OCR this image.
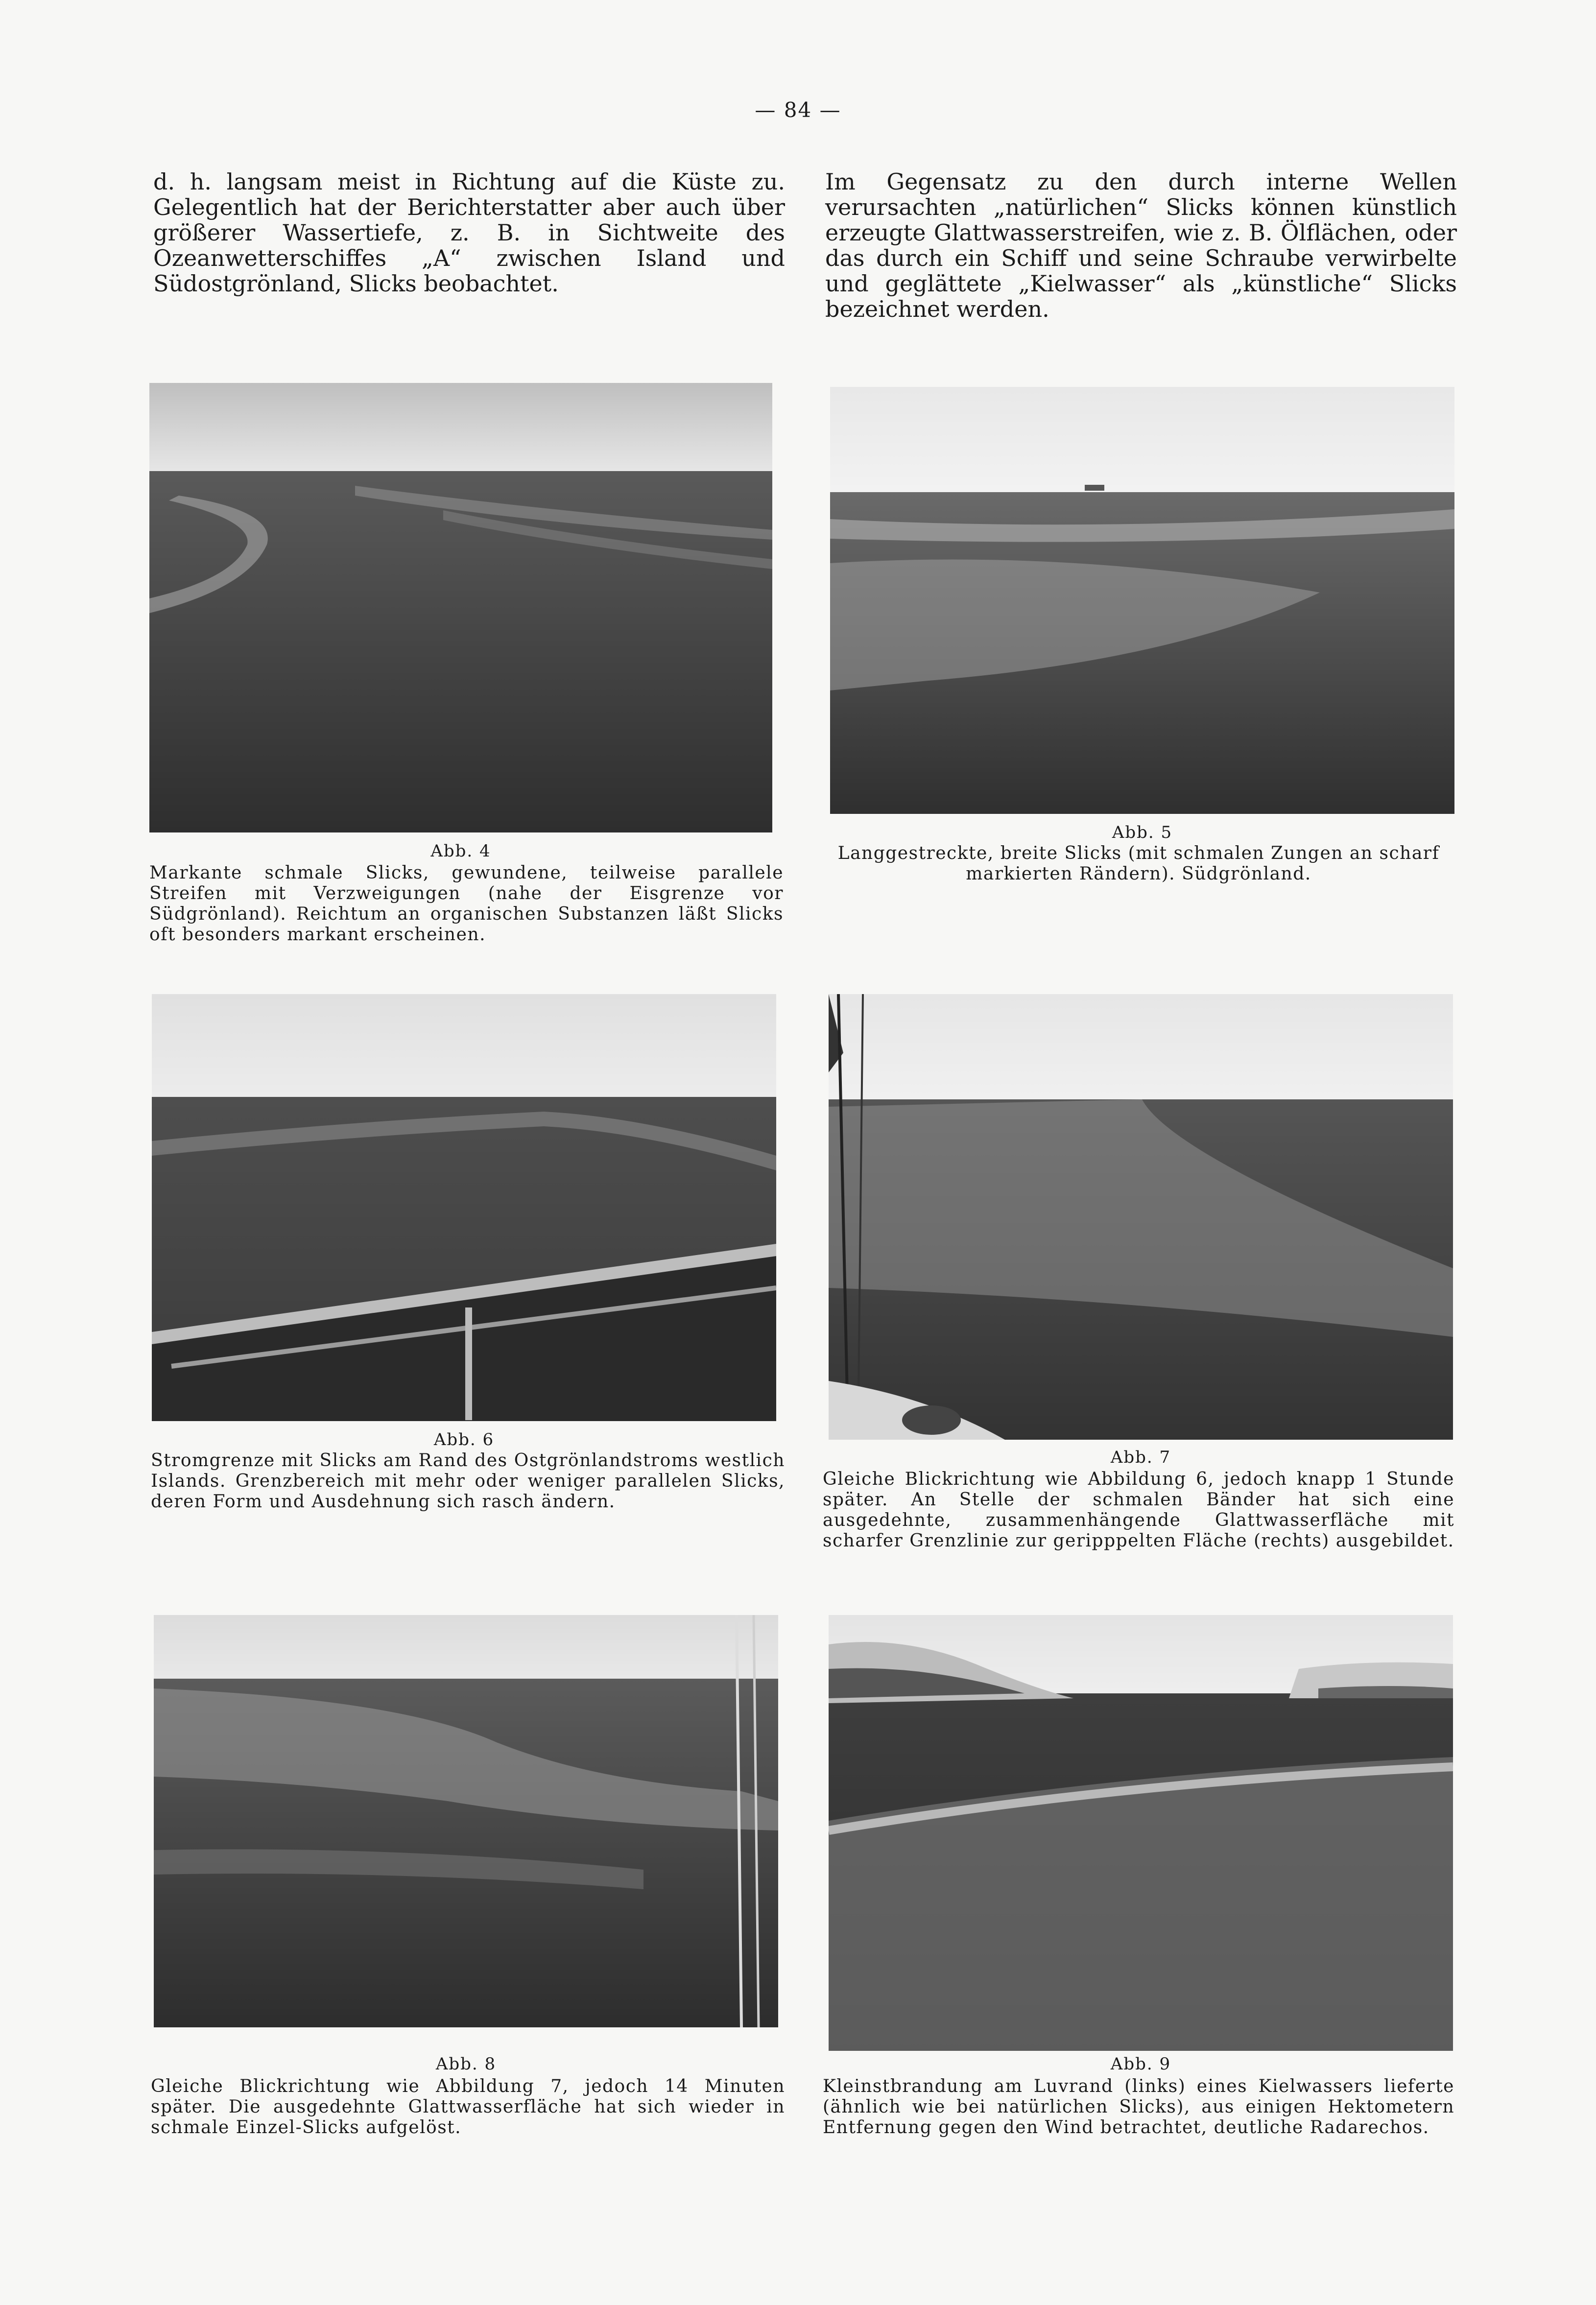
— 84 —
d. h. langsam meist in Richtung auf die Küste zu. Gelegentlich hat der Berichterstatter aber auch über größerer Wassertiefe, z. B. in Sichtweite des Ozeanwetterschiffes „A“ zwischen Island und Südostgrönland, Slicks beobachtet.
Im Gegensatz zu den durch interne Wellen verursachten „natürlichen“ Slicks können künstlich erzeugte Glattwasserstreifen, wie z. B. Ölflächen, oder das durch ein Schiff und seine Schraube verwirbelte und geglättete „Kielwasser“ als „künstliche“ Slicks bezeichnet werden.
Abb. 4
Markante schmale Slicks, gewundene, teilweise parallele Streifen mit Verzweigungen (nahe der Eisgrenze vor Südgrönland). Reichtum an organischen Substanzen läßt Slicks oft besonders markant erscheinen.
Abb. 5
Langgestreckte, breite Slicks (mit schmalen Zungen an scharf markierten Rändern). Südgrönland.
Abb. 6
Stromgrenze mit Slicks am Rand des Ostgrönlandstroms westlich Islands. Grenzbereich mit mehr oder weniger parallelen Slicks, deren Form und Ausdehnung sich rasch ändern.
Abb. 7
Gleiche Blickrichtung wie Abbildung 6, jedoch knapp 1 Stunde später. An Stelle der schmalen Bänder hat sich eine ausgedehnte, zusammenhängende Glattwasserfläche mit scharfer Grenzlinie zur geripppelten Fläche (rechts) ausgebildet.
Abb. 8
Gleiche Blickrichtung wie Abbildung 7, jedoch 14 Minuten später. Die ausgedehnte Glattwasserfläche hat sich wieder in schmale Einzel-Slicks aufgelöst.
Abb. 9
Kleinstbrandung am Luvrand (links) eines Kielwassers lieferte (ähnlich wie bei natürlichen Slicks), aus einigen Hektometern Entfernung gegen den Wind betrachtet, deutliche Radarechos.
